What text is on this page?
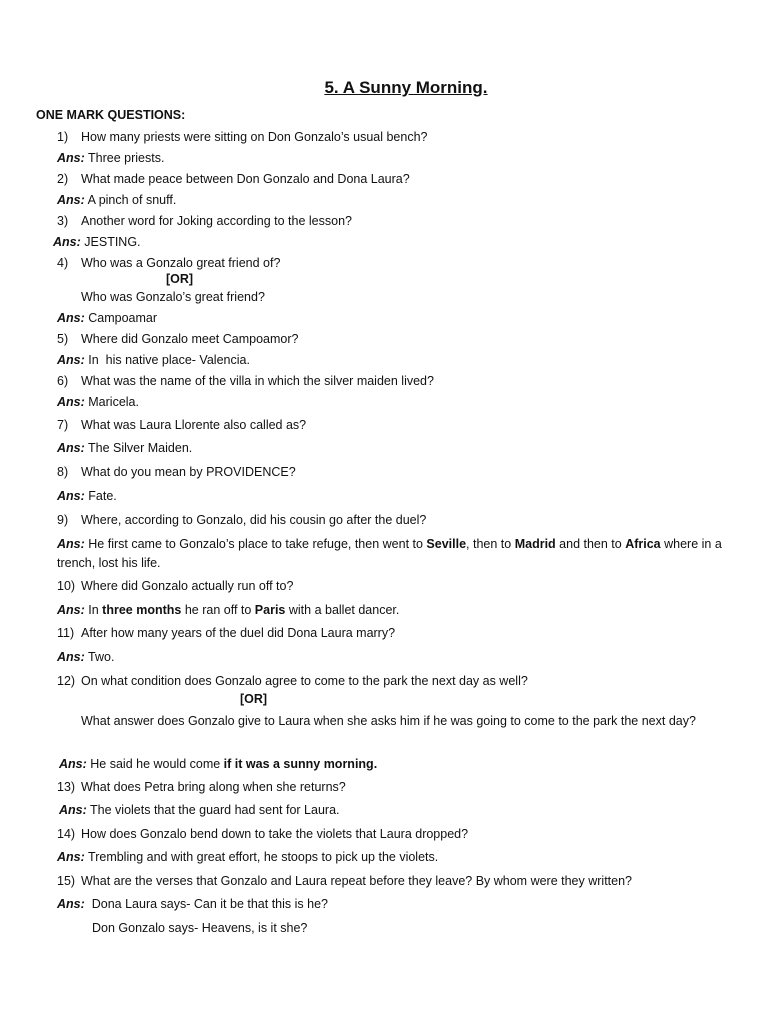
5. A Sunny Morning.
ONE MARK QUESTIONS:
1) How many priests were sitting on Don Gonzalo’s usual bench?
Ans: Three priests.
2) What made peace between Don Gonzalo and Dona Laura?
Ans: A pinch of snuff.
3) Another word for Joking according to the lesson?
Ans: JESTING.
4) Who was a Gonzalo great friend of?
[OR]
Who was Gonzalo’s great friend?
Ans: Campoamar
5) Where did Gonzalo meet Campoamor?
Ans: In  his native place- Valencia.
6) What was the name of the villa in which the silver maiden lived?
Ans: Maricela.
7) What was Laura Llorente also called as?
Ans: The Silver Maiden.
8) What do you mean by PROVIDENCE?
Ans: Fate.
9) Where, according to Gonzalo, did his cousin go after the duel?
Ans: He first came to Gonzalo’s place to take refuge, then went to Seville, then to Madrid and then to Africa where in a trench, lost his life.
10) Where did Gonzalo actually run off to?
Ans: In three months he ran off to Paris with a ballet dancer.
11) After how many years of the duel did Dona Laura marry?
Ans: Two.
12) On what condition does Gonzalo agree to come to the park the next day as well?
[OR]
What answer does Gonzalo give to Laura when she asks him if he was going to come to the park the next day?
Ans: He said he would come if it was a sunny morning.
13) What does Petra bring along when she returns?
Ans: The violets that the guard had sent for Laura.
14) How does Gonzalo bend down to take the violets that Laura dropped?
Ans: Trembling and with great effort, he stoops to pick up the violets.
15) What are the verses that Gonzalo and Laura repeat before they leave? By whom were they written?
Ans:  Dona Laura says- Can it be that this is he?
Don Gonzalo says- Heavens, is it she?
